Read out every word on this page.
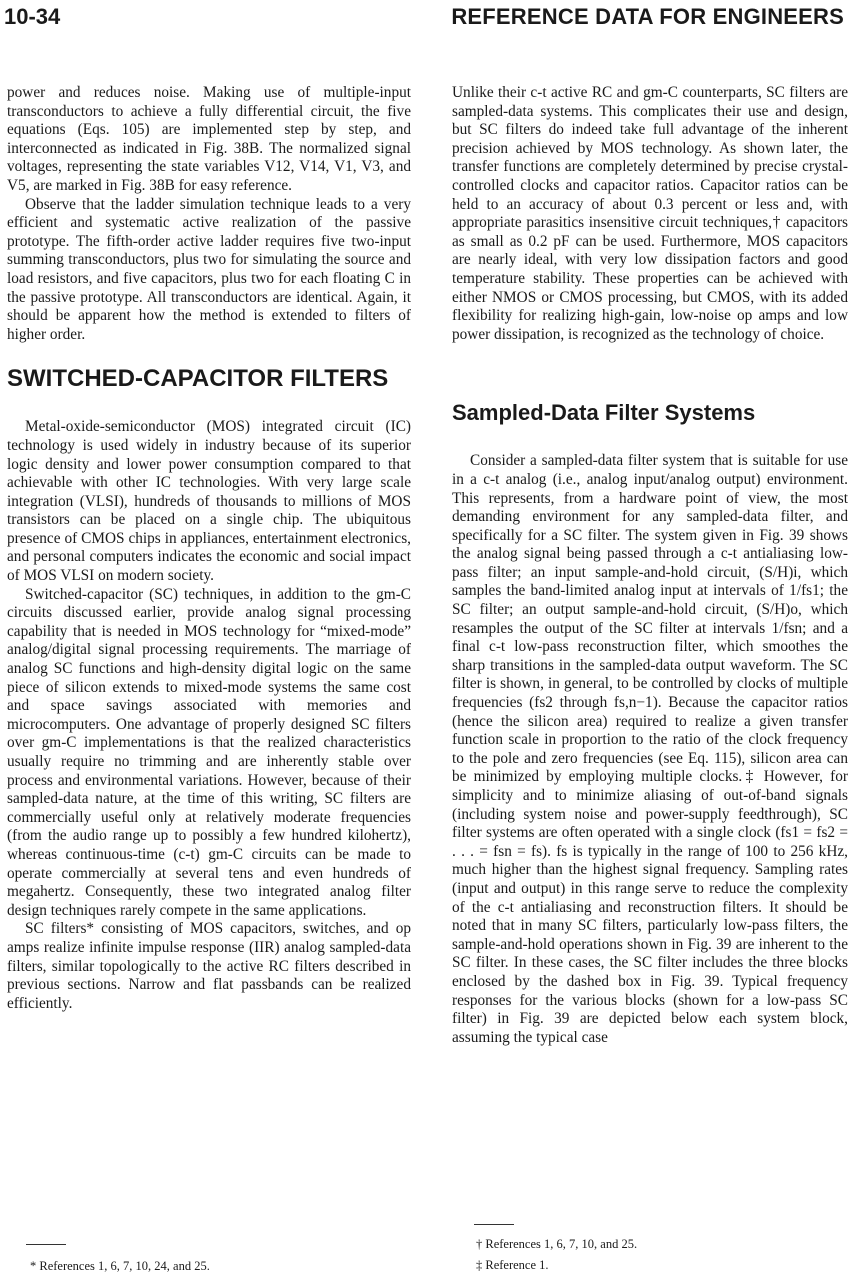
10-34	REFERENCE DATA FOR ENGINEERS

power and reduces noise. Making use of multiple-input transconductors to achieve a fully differential circuit, the five equations (Eqs. 105) are implemented step by step, and interconnected as indicated in Fig. 38B. The normalized signal voltages, representing the state variables V12, V14, V1, V3, and V5, are marked in Fig. 38B for easy reference.

Observe that the ladder simulation technique leads to a very efficient and systematic active realization of the passive prototype. The fifth-order active ladder requires five two-input summing transconductors, plus two for simulating the source and load resistors, and five capacitors, plus two for each floating C in the passive prototype. All transconductors are identical. Again, it should be apparent how the method is extended to filters of higher order.

SWITCHED-CAPACITOR FILTERS

Metal-oxide-semiconductor (MOS) integrated circuit (IC) technology is used widely in industry because of its superior logic density and lower power consumption compared to that achievable with other IC technologies. With very large scale integration (VLSI), hundreds of thousands to millions of MOS transistors can be placed on a single chip. The ubiquitous presence of CMOS chips in appliances, entertainment electronics, and personal computers indicates the economic and social impact of MOS VLSI on modern society.

Switched-capacitor (SC) techniques, in addition to the gm-C circuits discussed earlier, provide analog signal processing capability that is needed in MOS technology for “mixed-mode” analog/digital signal processing requirements. The marriage of analog SC functions and high-density digital logic on the same piece of silicon extends to mixed-mode systems the same cost and space savings associated with memories and microcomputers. One advantage of properly designed SC filters over gm-C implementations is that the realized characteristics usually require no trimming and are inherently stable over process and environmental variations. However, because of their sampled-data nature, at the time of this writing, SC filters are commercially useful only at relatively moderate frequencies (from the audio range up to possibly a few hundred kilohertz), whereas continuous-time (c-t) gm-C circuits can be made to operate commercially at several tens and even hundreds of megahertz. Consequently, these two integrated analog filter design techniques rarely compete in the same applications.

SC filters* consisting of MOS capacitors, switches, and op amps realize infinite impulse response (IIR) analog sampled-data filters, similar topologically to the active RC filters described in previous sections. Narrow and flat passbands can be realized efficiently.

Unlike their c-t active RC and gm-C counterparts, SC filters are sampled-data systems. This complicates their use and design, but SC filters do indeed take full advantage of the inherent precision achieved by MOS technology. As shown later, the transfer functions are completely determined by precise crystal-controlled clocks and capacitor ratios. Capacitor ratios can be held to an accuracy of about 0.3 percent or less and, with appropriate parasitics insensitive circuit techniques,† capacitors as small as 0.2 pF can be used. Furthermore, MOS capacitors are nearly ideal, with very low dissipation factors and good temperature stability. These properties can be achieved with either NMOS or CMOS processing, but CMOS, with its added flexibility for realizing high-gain, low-noise op amps and low power dissipation, is recognized as the technology of choice.

Sampled-Data Filter Systems

Consider a sampled-data filter system that is suitable for use in a c-t analog (i.e., analog input/analog output) environment. This represents, from a hardware point of view, the most demanding environment for any sampled-data filter, and specifically for a SC filter. The system given in Fig. 39 shows the analog signal being passed through a c-t antialiasing low-pass filter; an input sample-and-hold circuit, (S/H)i, which samples the band-limited analog input at intervals of 1/fs1; the SC filter; an output sample-and-hold circuit, (S/H)o, which resamples the output of the SC filter at intervals 1/fsn; and a final c-t low-pass reconstruction filter, which smoothes the sharp transitions in the sampled-data output waveform. The SC filter is shown, in general, to be controlled by clocks of multiple frequencies (fs2 through fs,n−1). Because the capacitor ratios (hence the silicon area) required to realize a given transfer function scale in proportion to the ratio of the clock frequency to the pole and zero frequencies (see Eq. 115), silicon area can be minimized by employing multiple clocks.‡ However, for simplicity and to minimize aliasing of out-of-band signals (including system noise and power-supply feedthrough), SC filter systems are often operated with a single clock (fs1 = fs2 = . . . = fsn = fs). fs is typically in the range of 100 to 256 kHz, much higher than the highest signal frequency. Sampling rates (input and output) in this range serve to reduce the complexity of the c-t antialiasing and reconstruction filters. It should be noted that in many SC filters, particularly low-pass filters, the sample-and-hold operations shown in Fig. 39 are inherent to the SC filter. In these cases, the SC filter includes the three blocks enclosed by the dashed box in Fig. 39. Typical frequency responses for the various blocks (shown for a low-pass SC filter) in Fig. 39 are depicted below each system block, assuming the typical case

* References 1, 6, 7, 10, 24, and 25.
† References 1, 6, 7, 10, and 25.
‡ Reference 1.
